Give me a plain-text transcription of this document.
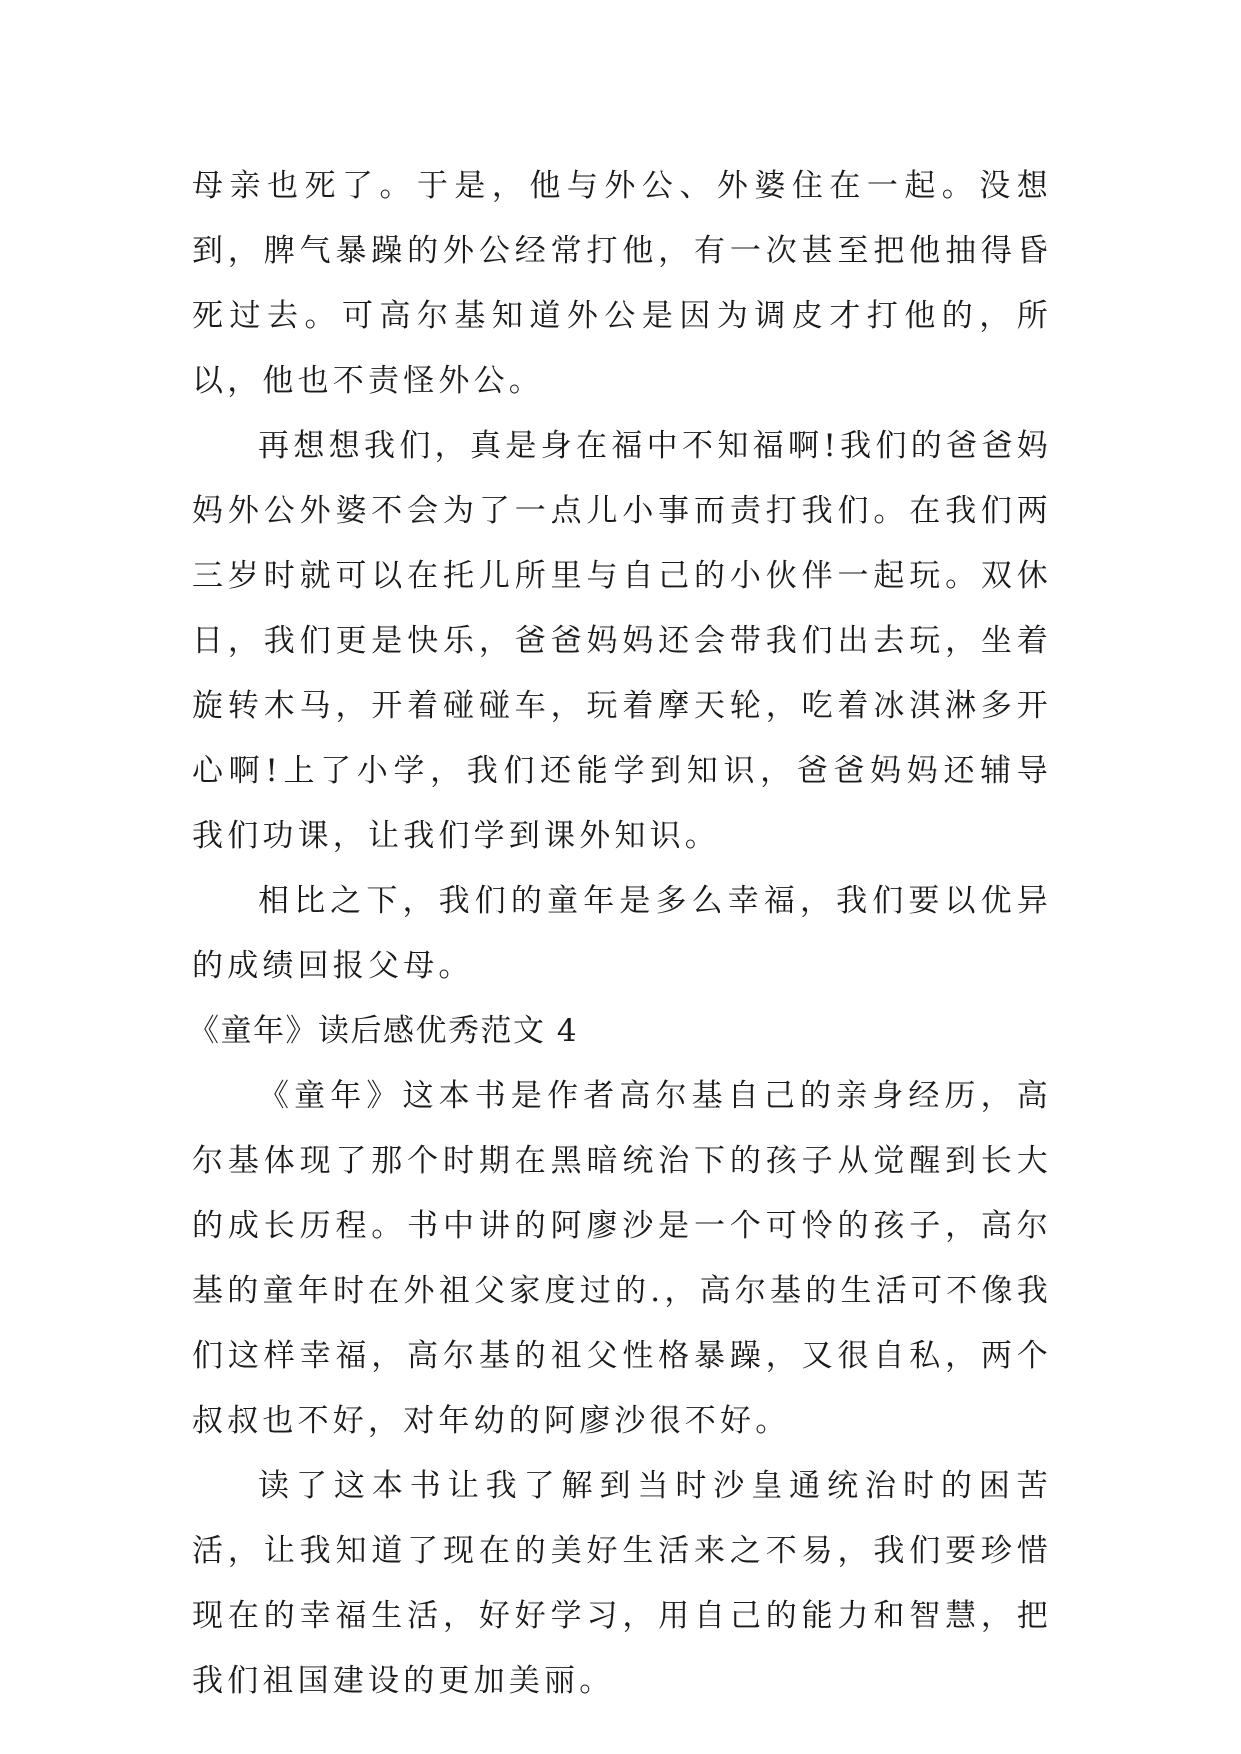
母亲也死了。于是，他与外公、外婆住在一起。没想到，脾气暴躁的外公经常打他，有一次甚至把他抽得昏死过去。可高尔基知道外公是因为调皮才打他的，所以，他也不责怪外公。

再想想我们，真是身在福中不知福啊!我们的爸爸妈妈外公外婆不会为了一点儿小事而责打我们。在我们两三岁时就可以在托儿所里与自己的小伙伴一起玩。双休日，我们更是快乐，爸爸妈妈还会带我们出去玩，坐着旋转木马，开着碰碰车，玩着摩天轮，吃着冰淇淋多开心啊!上了小学，我们还能学到知识，爸爸妈妈还辅导我们功课，让我们学到课外知识。

相比之下，我们的童年是多么幸福，我们要以优异的成绩回报父母。

《童年》读后感优秀范文 4

《童年》这本书是作者高尔基自己的亲身经历，高尔基体现了那个时期在黑暗统治下的孩子从觉醒到长大的成长历程。书中讲的阿廖沙是一个可怜的孩子，高尔基的童年时在外祖父家度过的.，高尔基的生活可不像我们这样幸福，高尔基的祖父性格暴躁，又很自私，两个叔叔也不好，对年幼的阿廖沙很不好。

读了这本书让我了解到当时沙皇通统治时的困苦活，让我知道了现在的美好生活来之不易，我们要珍惜现在的幸福生活，好好学习，用自己的能力和智慧，把我们祖国建设的更加美丽。
